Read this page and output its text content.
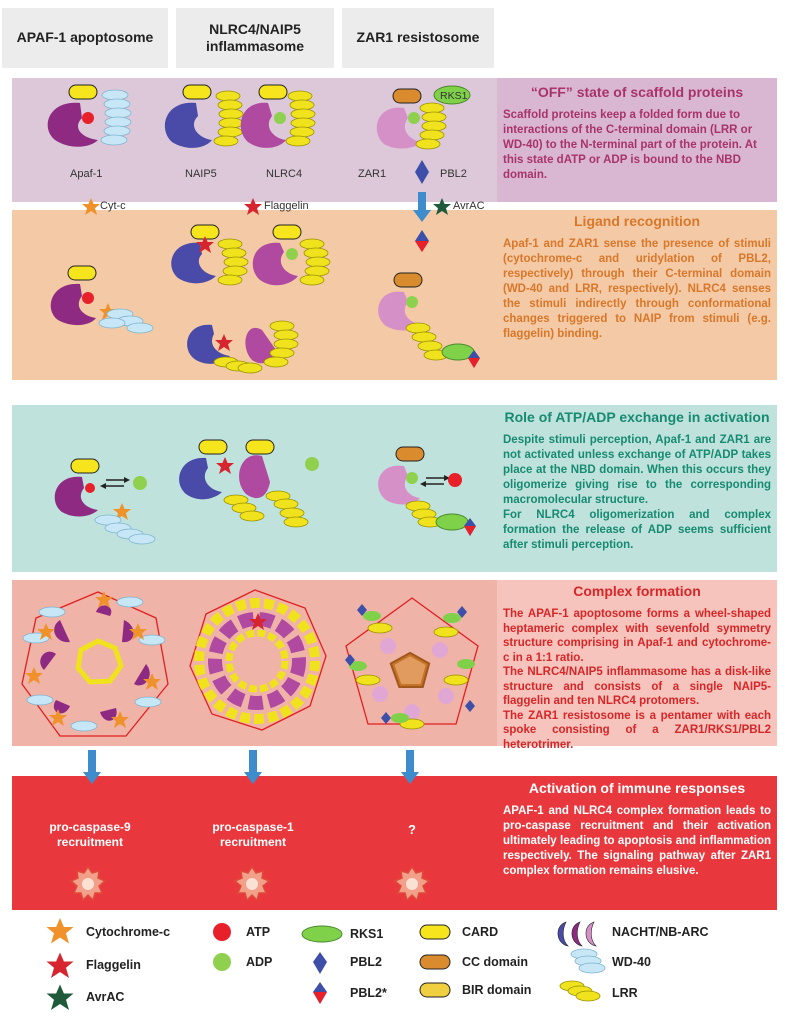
APAF-1 apoptosome
NLRC4/NAIP5 inflammasome
ZAR1 resistosome
“OFF” state of scaffold proteins
Scaffold proteins keep a folded form due to interactions of the C-terminal domain (LRR or WD-40) to the N-terminal part of the protein. At this state dATP or ADP is bound to the NBD domain.
Ligand recognition
Apaf-1 and ZAR1 sense the presence of stimuli (cytochrome-c and uridylation of PBL2, respectively) through their C-terminal domain (WD-40 and LRR, respectively). NLRC4 senses the stimuli indirectly through conformational changes triggered to NAIP from stimuli (e.g. flaggelin) binding.
Role of ATP/ADP exchange in activation
Despite stimuli perception, Apaf-1 and ZAR1 are not activated unless exchange of ATP/ADP takes place at the NBD domain. When this occurs they oligomerize giving rise to the corresponding macromolecular structure.
For NLRC4 oligomerization and complex formation the release of ADP seems sufficient after stimuli perception.
Complex formation
The APAF-1 apoptosome forms a wheel-shaped heptameric complex with sevenfold symmetry structure comprising in Apaf-1 and cytochrome-c in a 1:1 ratio.
The NLRC4/NAIP5 inflammasome has a disk-like structure and consists of a single NAIP5-flaggelin and ten NLRC4 protomers.
The ZAR1 resistosome is a pentamer with each spoke consisting of a ZAR1/RKS1/PBL2 heterotrimer.
Activation of immune responses
APAF-1 and NLRC4 complex formation leads to pro-caspase recruitment and their activation ultimately leading to apoptosis and inflammation respectively. The signaling pathway after ZAR1 complex formation remains elusive.
Apaf-1	NAIP5	NLRC4	ZAR1	PBL2
RKS1
Cyt-c	Flaggelin	AvrAC
pro-caspase-9
recruitment
pro-caspase-1
recruitment
?
Cytochrome-c
Flaggelin
AvrAC
ATP
ADP
RKS1
PBL2
PBL2*
CARD
CC domain
BIR domain
NACHT/NB-ARC
WD-40
LRR
